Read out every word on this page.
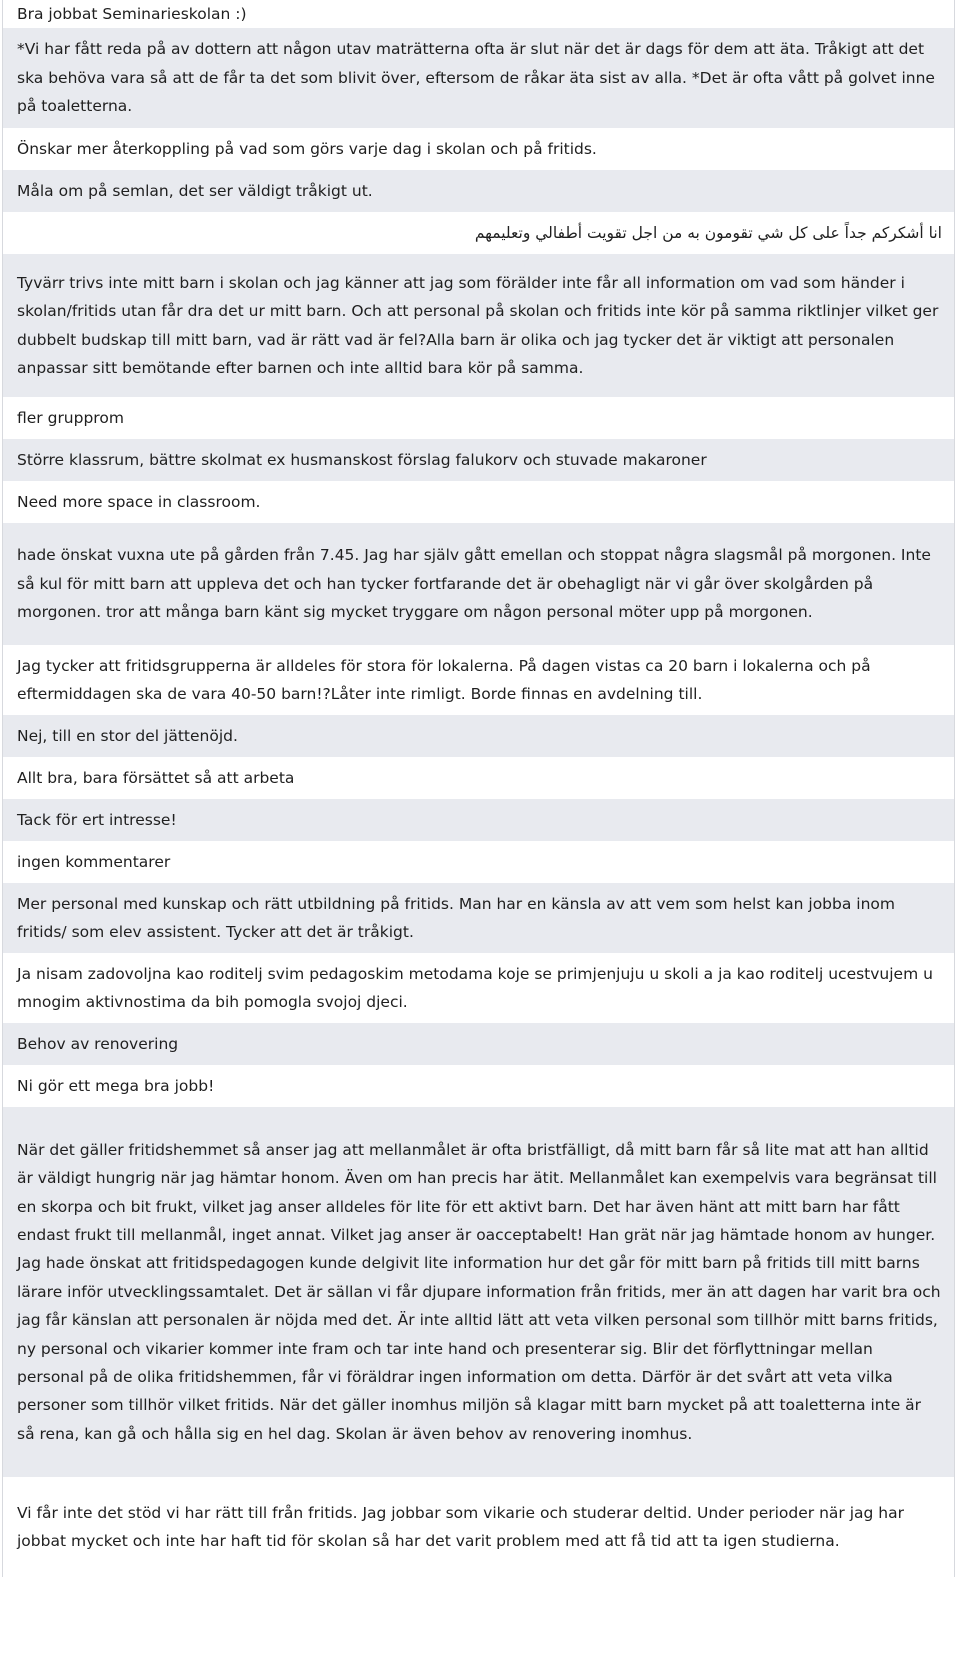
Bra jobbat Seminarieskolan :)
*Vi har fått reda på av dottern att någon utav maträtterna ofta är slut när det är dags för dem att äta. Tråkigt att det ska behöva vara så att de får ta det som blivit över, eftersom de råkar äta sist av alla. *Det är ofta vått på golvet inne på toaletterna.
Önskar mer återkoppling på vad som görs varje dag i skolan och på fritids.
Måla om på semlan, det ser väldigt tråkigt ut.
انا أشكركم جداً على كل شي تقومون به من اجل تقويت أطفالي وتعليمهم
Tyvärr trivs inte mitt barn i skolan och jag känner att jag som förälder inte får all information om vad som händer i skolan/fritids utan får dra det ur mitt barn. Och att personal på skolan och fritids inte kör på samma riktlinjer vilket ger dubbelt budskap till mitt barn, vad är rätt vad är fel?Alla barn är olika och jag tycker det är viktigt att personalen anpassar sitt bemötande efter barnen och inte alltid bara kör på samma.
fler grupprom
Större klassrum, bättre skolmat ex husmanskost förslag falukorv och stuvade makaroner
Need more space in classroom.
hade önskat vuxna ute på gården från 7.45. Jag har själv gått emellan och stoppat några slagsmål på morgonen. Inte så kul för mitt barn att uppleva det och han tycker fortfarande det är obehagligt när vi går över skolgården på morgonen. tror att många barn känt sig mycket tryggare om någon personal möter upp på morgonen.
Jag tycker att fritidsgrupperna är alldeles för stora för lokalerna. På dagen vistas ca 20 barn i lokalerna och på eftermiddagen ska de vara 40-50 barn!?Låter inte rimligt. Borde finnas en avdelning till.
Nej, till en stor del jättenöjd.
Allt bra, bara försättet så att arbeta
Tack för ert intresse!
ingen kommentarer
Mer personal med kunskap och rätt utbildning på fritids. Man har en känsla av att vem som helst kan jobba inom fritids/ som elev assistent. Tycker att det är tråkigt.
Ja nisam zadovoljna kao roditelj svim pedagoskim metodama koje se primjenjuju u skoli a ja kao roditelj ucestvujem u mnogim aktivnostima da bih pomogla svojoj djeci.
Behov av renovering
Ni gör ett mega bra jobb!
När det gäller fritidshemmet så anser jag att mellanmålet är ofta bristfälligt, då mitt barn får så lite mat att han alltid är väldigt hungrig när jag hämtar honom. Även om han precis har ätit. Mellanmålet kan exempelvis vara begränsat till en skorpa och bit frukt, vilket jag anser alldeles för lite för ett aktivt barn. Det har även hänt att mitt barn har fått endast frukt till mellanmål, inget annat. Vilket jag anser är oacceptabelt! Han grät när jag hämtade honom av hunger. Jag hade önskat att fritidspedagogen kunde delgivit lite information hur det går för mitt barn på fritids till mitt barns lärare inför utvecklingssamtalet. Det är sällan vi får djupare information från fritids, mer än att dagen har varit bra och jag får känslan att personalen är nöjda med det. Är inte alltid lätt att veta vilken personal som tillhör mitt barns fritids, ny personal och vikarier kommer inte fram och tar inte hand och presenterar sig. Blir det förflyttningar mellan personal på de olika fritidshemmen, får vi föräldrar ingen information om detta. Därför är det svårt att veta vilka personer som tillhör vilket fritids. När det gäller inomhus miljön så klagar mitt barn mycket på att toaletterna inte är så rena, kan gå och hålla sig en hel dag. Skolan är även behov av renovering inomhus.
Vi får inte det stöd vi har rätt till från fritids. Jag jobbar som vikarie och studerar deltid. Under perioder när jag har jobbat mycket och inte har haft tid för skolan så har det varit problem med att få tid att ta igen studierna.
